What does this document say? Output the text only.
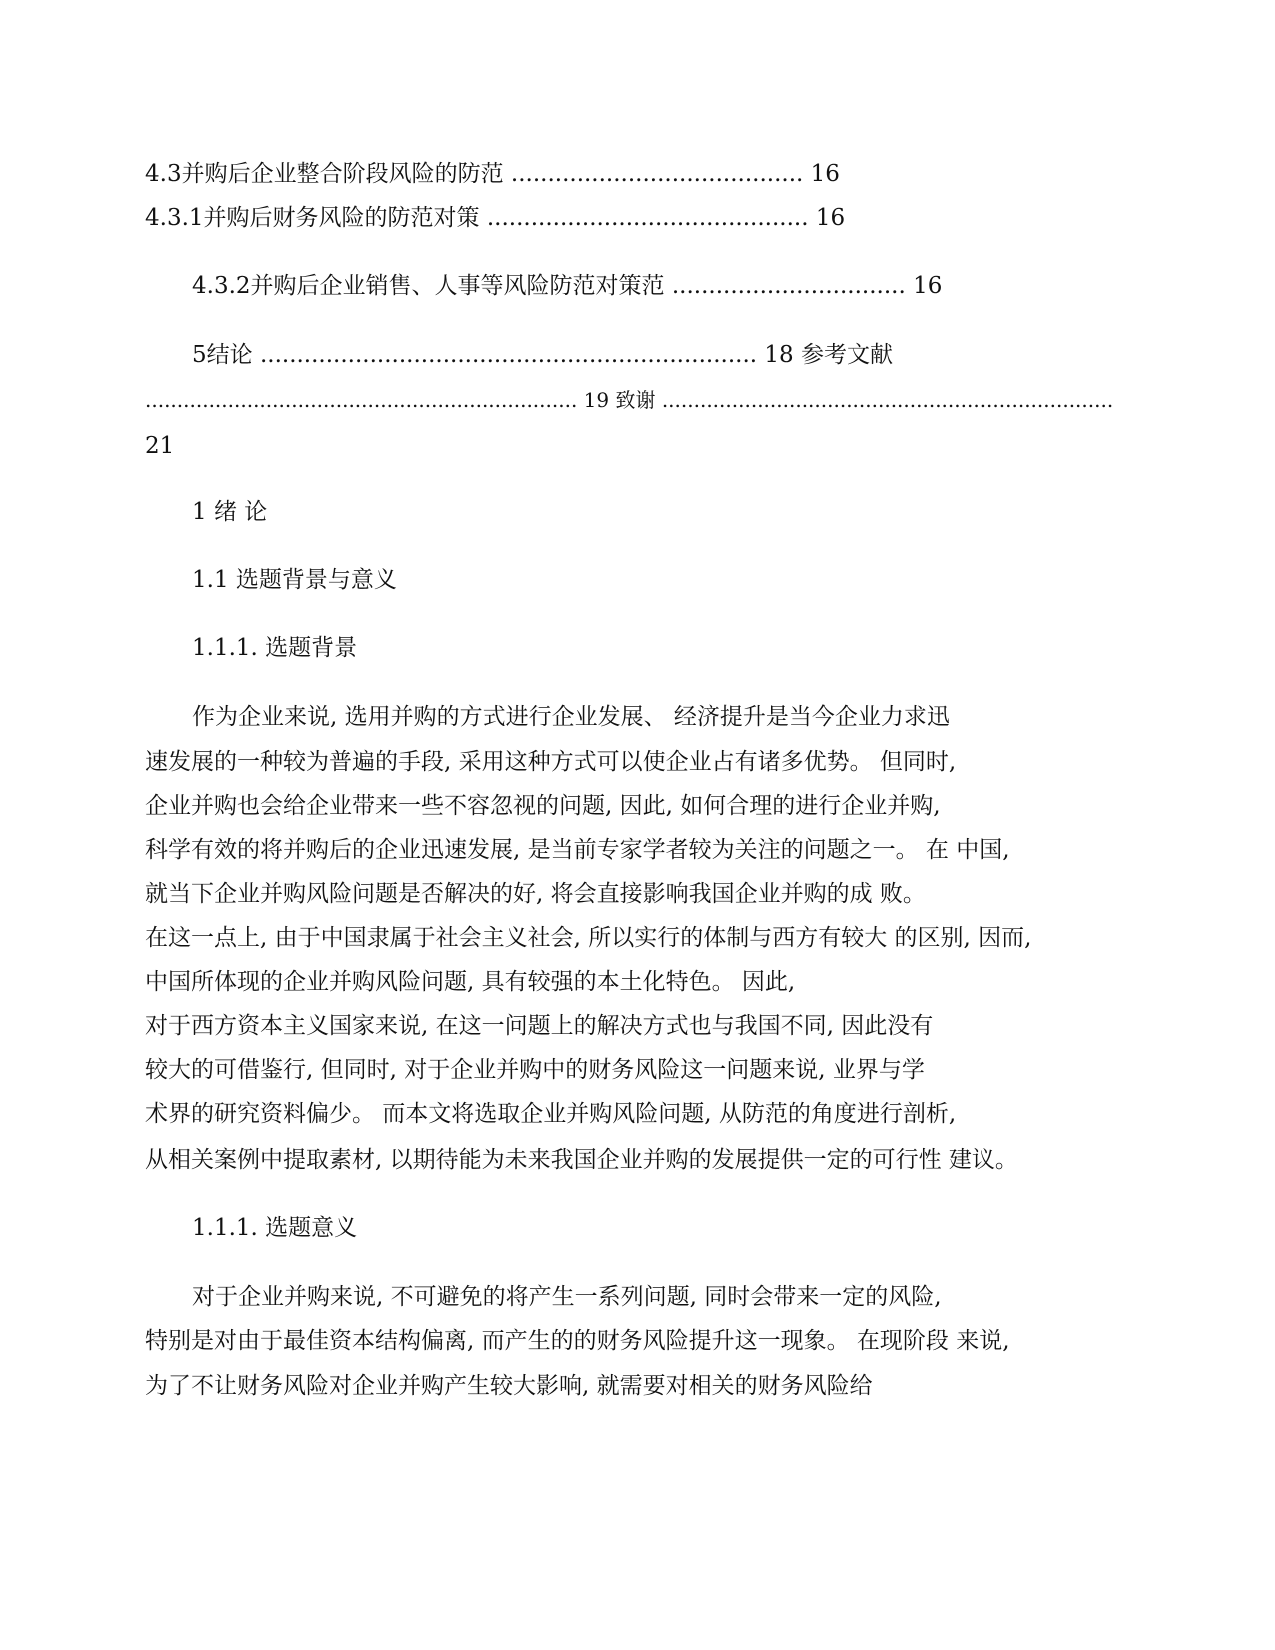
4.3并购后企业整合阶段风险的防范 ........................................ 16
4.3.1并购后财务风险的防范对策 ............................................ 16
4.3.2并购后企业销售、人事等风险防范对策范 ................................ 16
5结论 .................................................................... 18 参考文献
.................................................................... 19 致谢 .......................................................................
21
1 绪 论
1.1 选题背景与意义
1.1.1. 选题背景
作为企业来说, 选用并购的方式进行企业发展、 经济提升是当今企业力求迅
速发展的一种较为普遍的手段, 采用这种方式可以使企业占有诸多优势。 但同时,
企业并购也会给企业带来一些不容忽视的问题, 因此, 如何合理的进行企业并购,
科学有效的将并购后的企业迅速发展, 是当前专家学者较为关注的问题之一。 在 中国,
就当下企业并购风险问题是否解决的好, 将会直接影响我国企业并购的成 败。
在这一点上, 由于中国隶属于社会主义社会, 所以实行的体制与西方有较大 的区别, 因而,
中国所体现的企业并购风险问题, 具有较强的本土化特色。 因此,
对于西方资本主义国家来说, 在这一问题上的解决方式也与我国不同, 因此没有
较大的可借鉴行, 但同时, 对于企业并购中的财务风险这一问题来说, 业界与学
术界的研究资料偏少。 而本文将选取企业并购风险问题, 从防范的角度进行剖析,
从相关案例中提取素材, 以期待能为未来我国企业并购的发展提供一定的可行性 建议。
1.1.1. 选题意义
对于企业并购来说, 不可避免的将产生一系列问题, 同时会带来一定的风险,
特别是对由于最佳资本结构偏离, 而产生的的财务风险提升这一现象。 在现阶段 来说,
为了不让财务风险对企业并购产生较大影响, 就需要对相关的财务风险给
